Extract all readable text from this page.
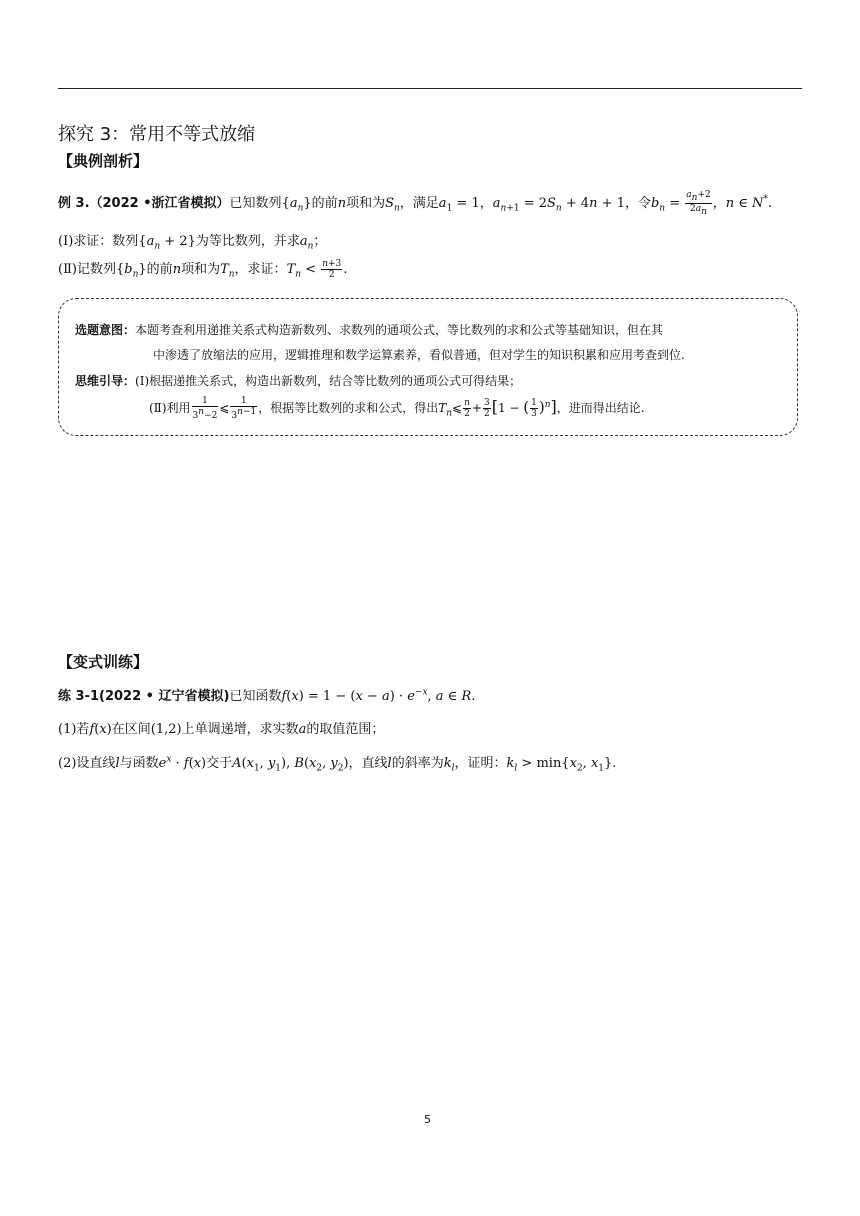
探究 3：常用不等式放缩
【典例剖析】
例 3.（2022 •浙江省模拟）已知数列$\{a_n\}$的前n项和为$S_n$，满足$a_1 = 1$，$a_{n+1} = 2S_n + 4n + 1$，令$b_n = \frac{a_n+2}{2a_n}$ ，n ∈ N*.
(Ⅰ)求证：数列$\{a_n + 2\}$为等比数列，并求$a_n$；
(Ⅱ)记数列$\{b_n\}$的前n项和为$T_n$，求证：$T_n < \frac{n+3}{2}$ .
选题意图：本题考查利用递推关系式构造新数列、求数列的通项公式，等比数列的求和公式等基础知识，但在其
中渗透了放缩法的应用，逻辑推理和数学运算素养，看似普通，但对学生的知识积累和应用考查到位.
思维引导：(Ⅰ)根据递推关系式，构造出新数列，结合等比数列的通项公式可得结果；
(Ⅱ)利用 $\frac{1}{3^n-2}$ ⩽ $\frac{1}{3^{n-1}}$ ，根据等比数列的求和公式，得出$T_n⩽ \frac{n}{2} + \frac{3}{2} [1$ − ( $\frac{1}{3} )^n$]，进而得出结论.
【变式训练】
练 3-1(2022 • 辽宁省模拟)已知函数$f(x) = 1 - (x - a) \cdot e^{-x}$, a ∈ R.
(1)若f(x)在区间(1,2)上单调递增，求实数a的取值范围；
(2)设直线l与函数$e^x \cdot f(x)$交于$A(x_1$, $y_1$), $B(x_2$, $y_2$)，直线l的斜率为$k_l$，证明：$k_l > \min\{x_2$, $x_1$}.
5
